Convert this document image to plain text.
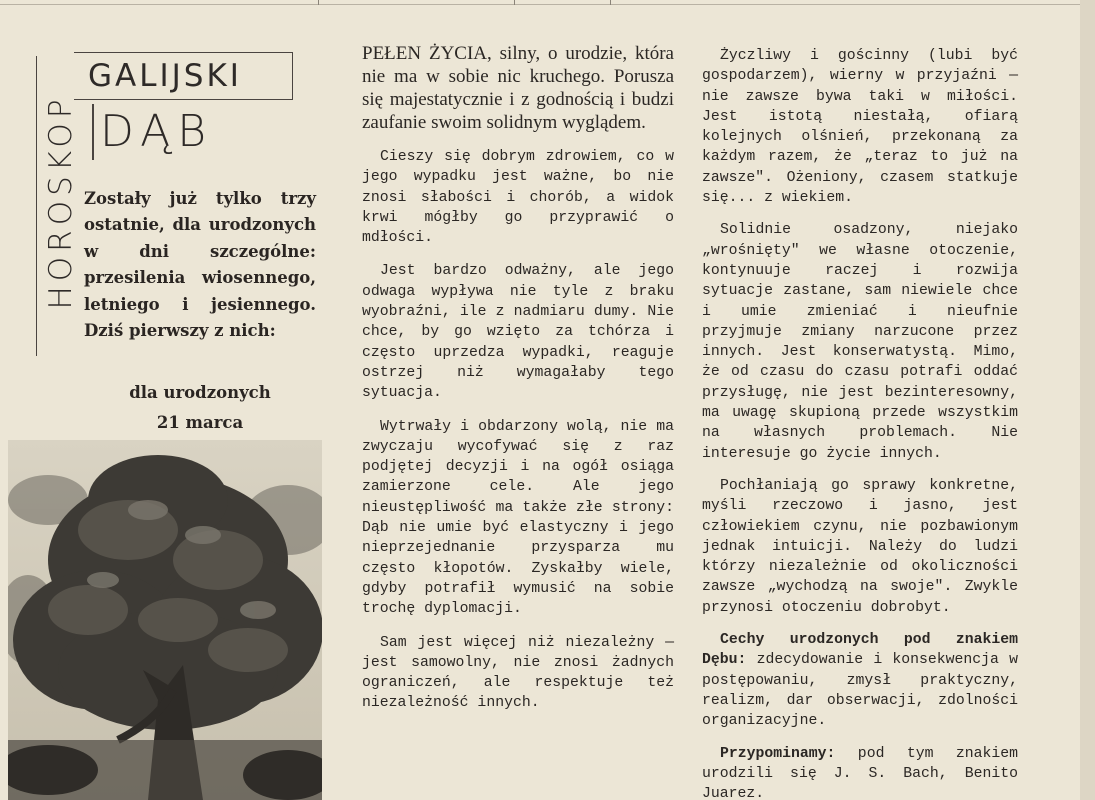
HOROSKOP
GALIJSKI
DĄB
Zostały już tylko trzy ostatnie, dla urodzonych w dni szczególne: przesilenia wiosennego, letniego i jesiennego. Dziś pierwszy z nich:
dla urodzonych
21 marca

PEŁEN ŻYCIA, silny, o urodzie, która nie ma w sobie nic kruchego. Porusza się majestatycznie i z godnością i budzi zaufanie swoim solidnym wyglądem.

Cieszy się dobrym zdrowiem, co w jego wypadku jest ważne, bo nie znosi słabości i chorób, a widok krwi mógłby go przyprawić o mdłości.

Jest bardzo odważny, ale jego odwaga wypływa nie tyle z braku wyobraźni, ile z nadmiaru dumy. Nie chce, by go wzięto za tchórza i często uprzedza wypadki, reaguje ostrzej niż wymagałaby tego sytuacja.

Wytrwały i obdarzony wolą, nie ma zwyczaju wycofywać się z raz podjętej decyzji i na ogół osiąga zamierzone cele. Ale jego nieustępliwość ma także złe strony: Dąb nie umie być elastyczny i jego nieprzejednanie przysparza mu często kłopotów. Zyskałby wiele, gdyby potrafił wymusić na sobie trochę dyplomacji.

Sam jest więcej niż niezależny — jest samowolny, nie znosi żadnych ograniczeń, ale respektuje też niezależność innych.

Życzliwy i gościnny (lubi być gospodarzem), wierny w przyjaźni — nie zawsze bywa taki w miłości. Jest istotą niestałą, ofiarą kolejnych olśnień, przekonaną za każdym razem, że „teraz to już na zawsze". Ożeniony, czasem statkuje się... z wiekiem.

Solidnie osadzony, niejako „wrośnięty" we własne otoczenie, kontynuuje raczej i rozwija sytuacje zastane, sam niewiele chce i umie zmieniać i nieufnie przyjmuje zmiany narzucone przez innych. Jest konserwatystą. Mimo, że od czasu do czasu potrafi oddać przysługę, nie jest bezinteresowny, ma uwagę skupioną przede wszystkim na własnych problemach. Nie interesuje go życie innych.

Pochłaniają go sprawy konkretne, myśli rzeczowo i jasno, jest człowiekiem czynu, nie pozbawionym jednak intuicji. Należy do ludzi którzy niezależnie od okoliczności zawsze „wychodzą na swoje". Zwykle przynosi otoczeniu dobrobyt.

Cechy urodzonych pod znakiem Dębu: zdecydowanie i konsekwencja w postępowaniu, zmysł praktyczny, realizm, dar obserwacji, zdolności organizacyjne.

Przypominamy: pod tym znakiem urodzili się J. S. Bach, Benito Juarez.
